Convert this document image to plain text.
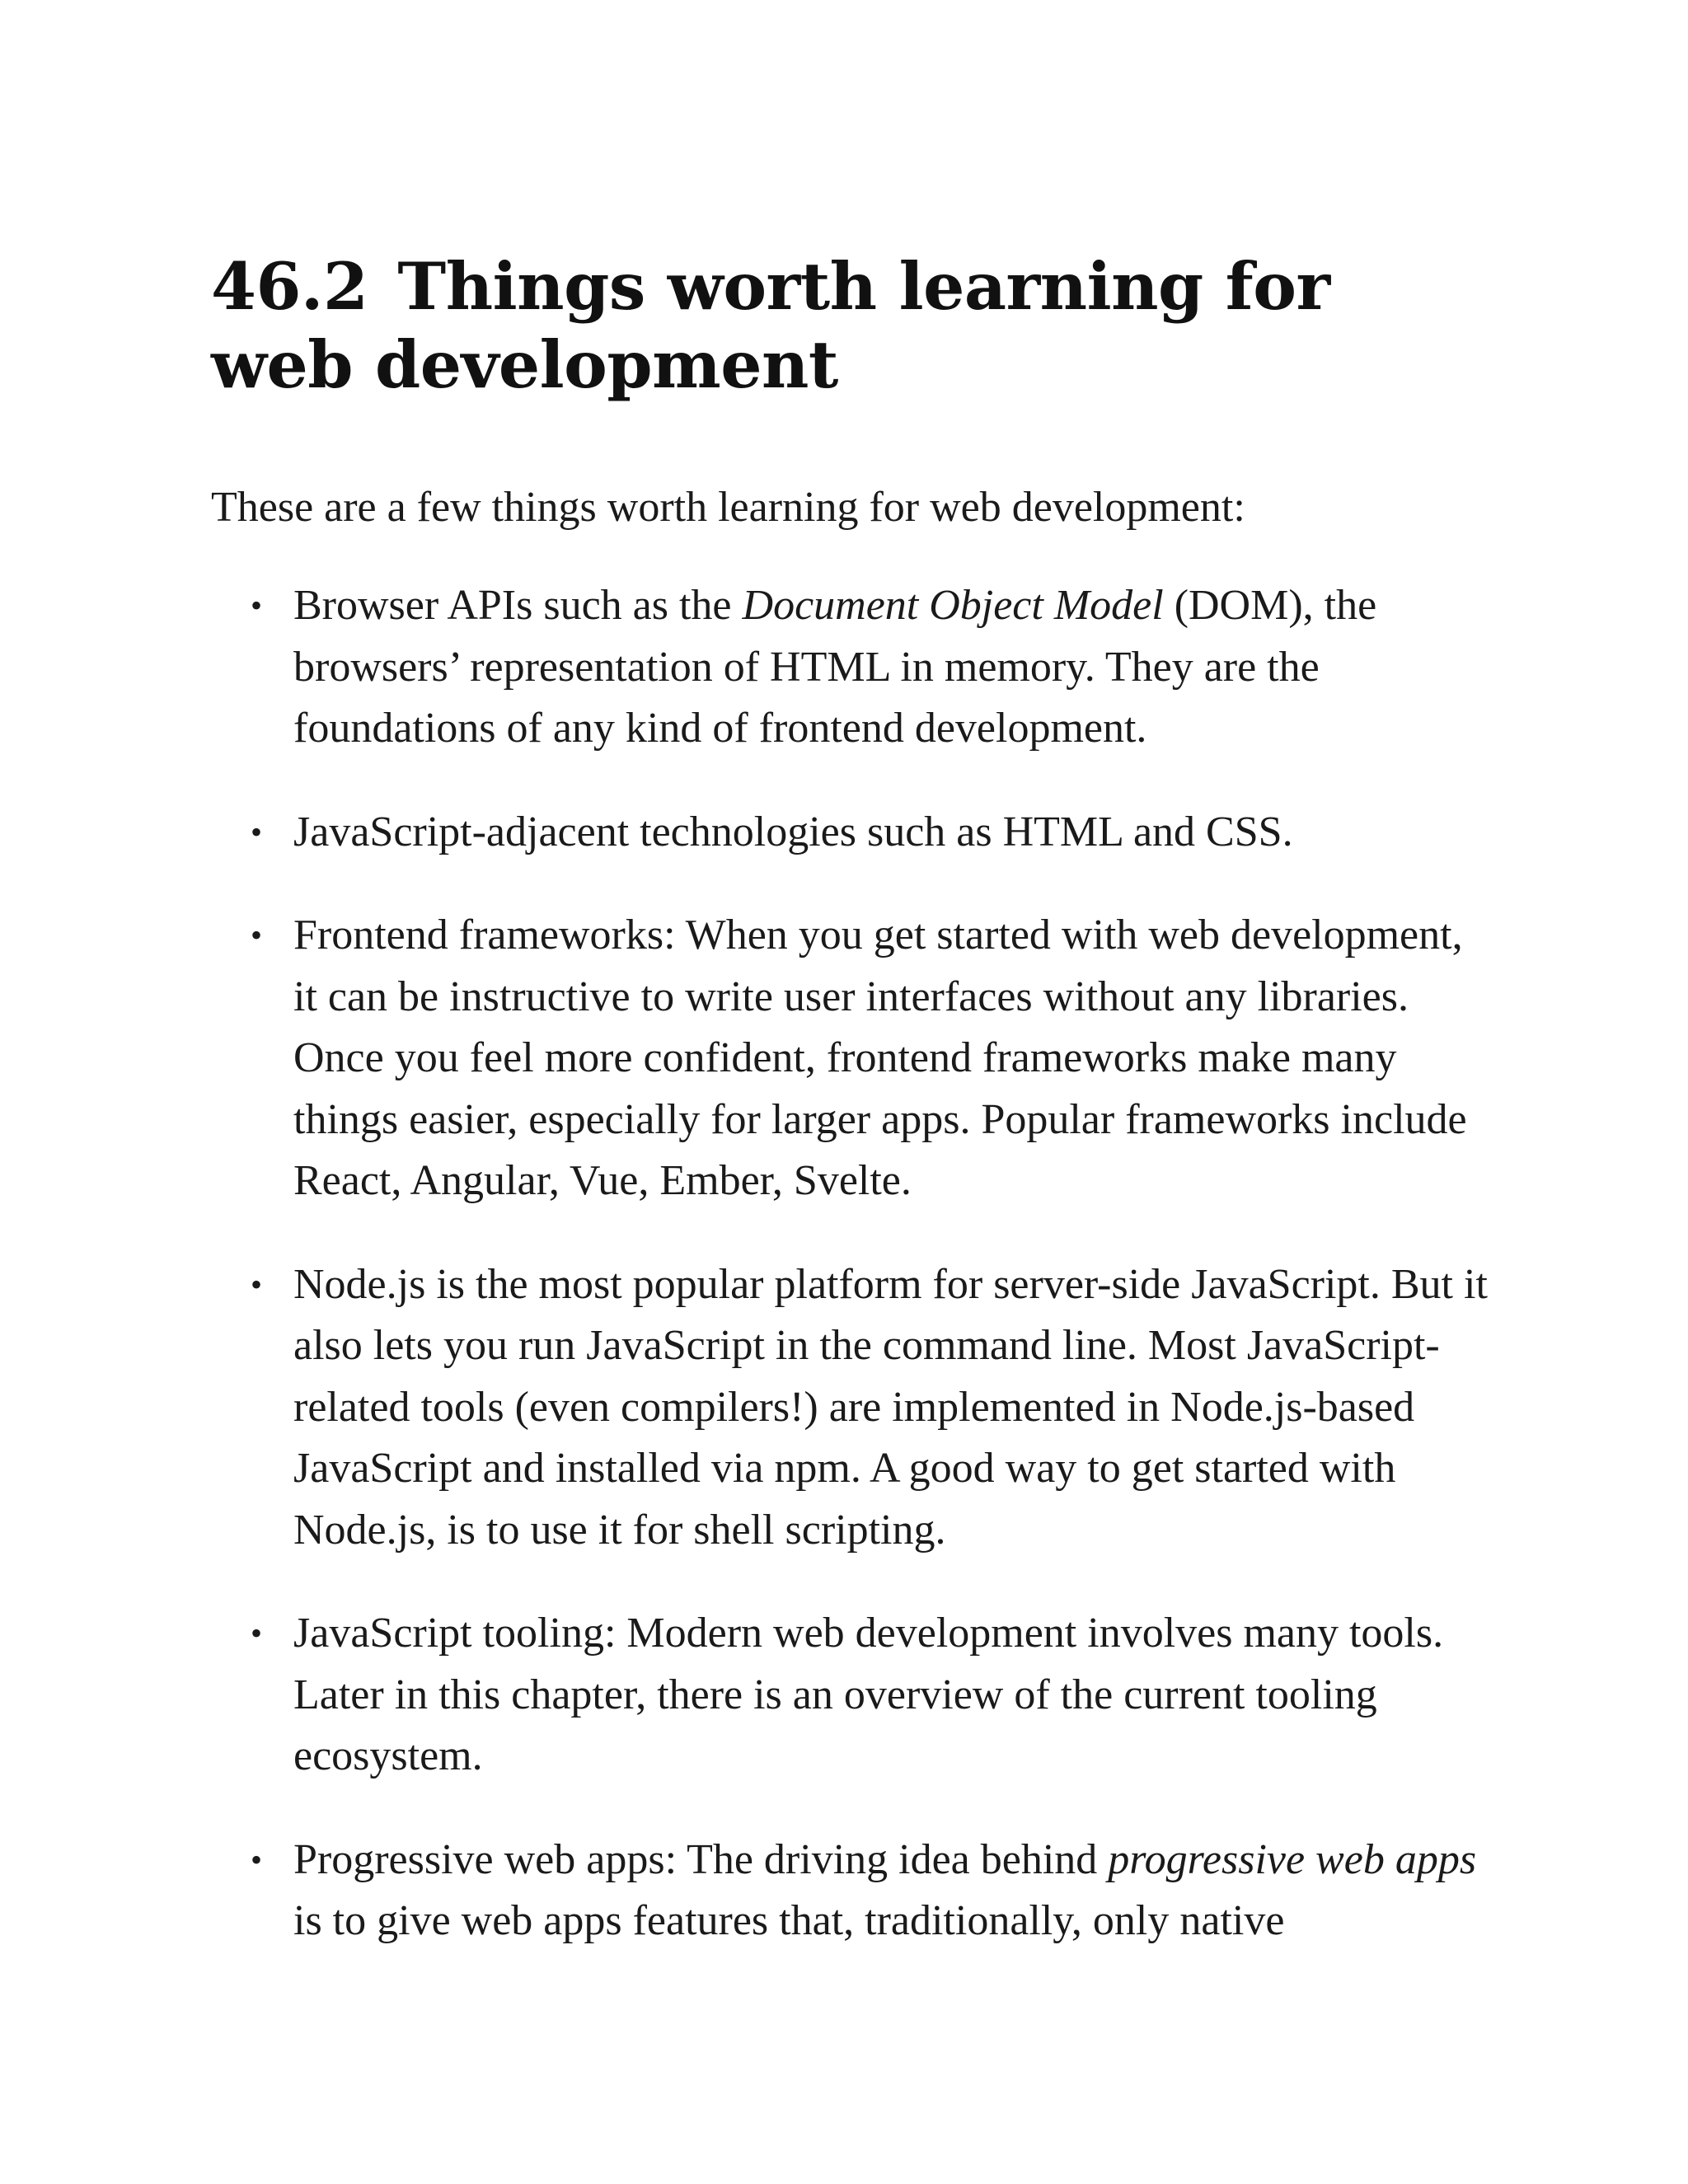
46.2 Things worth learning for
web development

These are a few things worth learning for web development:

• Browser APIs such as the Document Object Model (DOM), the browsers’ representation of HTML in memory. They are the foundations of any kind of frontend development.
• JavaScript-adjacent technologies such as HTML and CSS.
• Frontend frameworks: When you get started with web development, it can be instructive to write user interfaces without any libraries. Once you feel more confident, frontend frameworks make many things easier, especially for larger apps. Popular frameworks include React, Angular, Vue, Ember, Svelte.
• Node.js is the most popular platform for server-side JavaScript. But it also lets you run JavaScript in the command line. Most JavaScript-related tools (even compilers!) are implemented in Node.js-based JavaScript and installed via npm. A good way to get started with Node.js, is to use it for shell scripting.
• JavaScript tooling: Modern web development involves many tools. Later in this chapter, there is an overview of the current tooling ecosystem.
• Progressive web apps: The driving idea behind progressive web apps is to give web apps features that, traditionally, only native
